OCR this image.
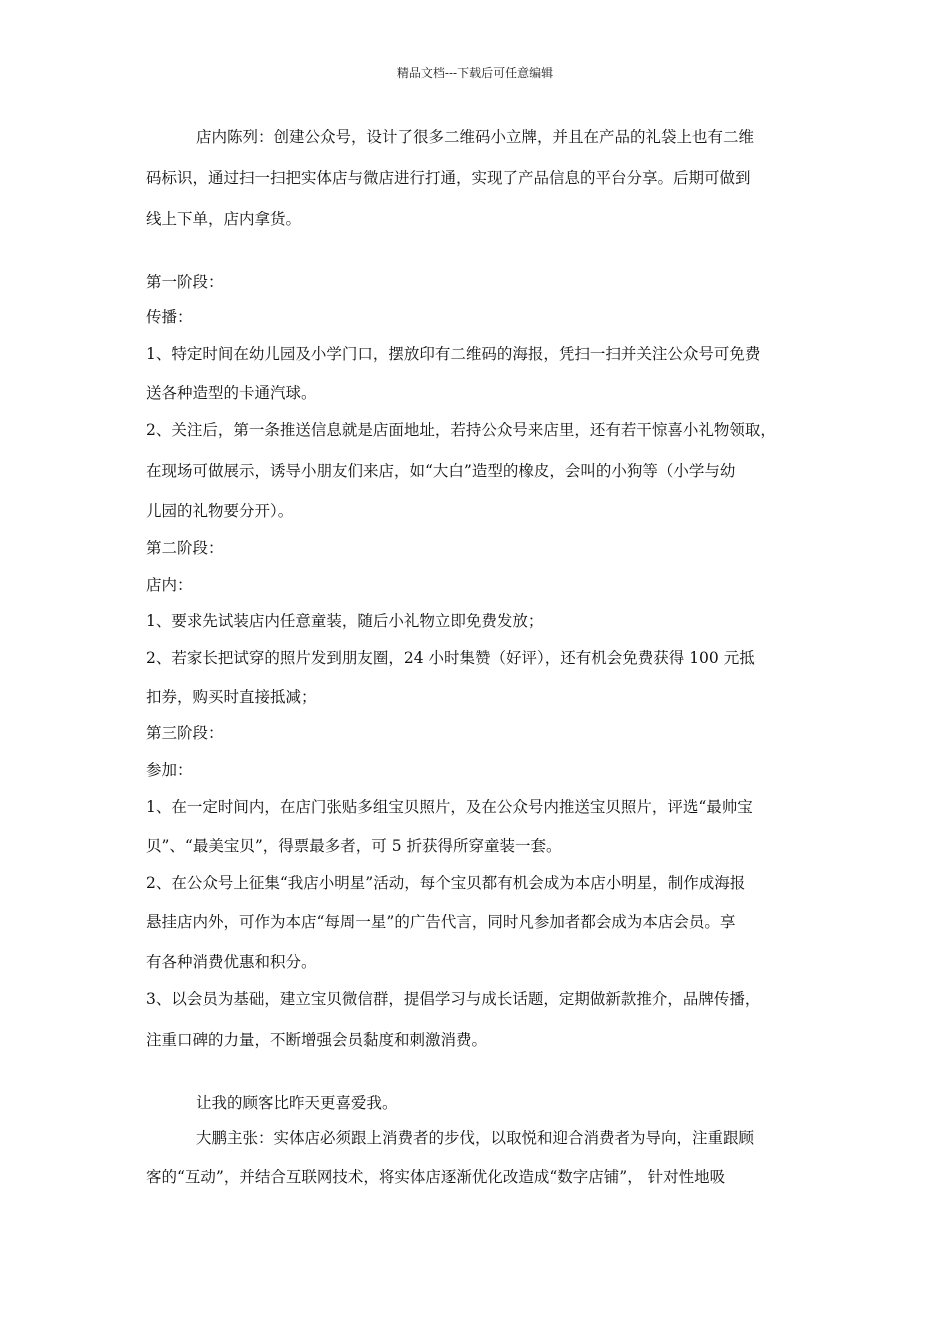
精品文档---下载后可任意编辑
店内陈列：创建公众号，设计了很多二维码小立牌，并且在产品的礼袋上也有二维
码标识，通过扫一扫把实体店与微店进行打通，实现了产品信息的平台分享。后期可做到
线上下单，店内拿货。
第一阶段：
传播：
1、特定时间在幼儿园及小学门口，摆放印有二维码的海报，凭扫一扫并关注公众号可免费
送各种造型的卡通汽球。
2、关注后，第一条推送信息就是店面地址，若持公众号来店里，还有若干惊喜小礼物领取，
在现场可做展示，诱导小朋友们来店，如“大白”造型的橡皮，会叫的小狗等（小学与幼
儿园的礼物要分开）。
第二阶段：
店内：
1、要求先试装店内任意童装，随后小礼物立即免费发放；
2、若家长把试穿的照片发到朋友圈，24 小时集赞（好评），还有机会免费获得 100 元抵
扣券，购买时直接抵减；
第三阶段：
参加：
1、在一定时间内，在店门张贴多组宝贝照片，及在公众号内推送宝贝照片，评选“最帅宝
贝”、“最美宝贝”，得票最多者，可 5 折获得所穿童装一套。
2、在公众号上征集“我店小明星”活动，每个宝贝都有机会成为本店小明星，制作成海报
悬挂店内外，可作为本店“每周一星”的广告代言，同时凡参加者都会成为本店会员。享
有各种消费优惠和积分。
3、以会员为基础，建立宝贝微信群，提倡学习与成长话题，定期做新款推介，品牌传播，
注重口碑的力量，不断增强会员黏度和刺激消费。
让我的顾客比昨天更喜爱我。
大鹏主张：实体店必须跟上消费者的步伐，以取悦和迎合消费者为导向，注重跟顾
客的“互动”，并结合互联网技术，将实体店逐渐优化改造成“数字店铺”， 针对性地吸
